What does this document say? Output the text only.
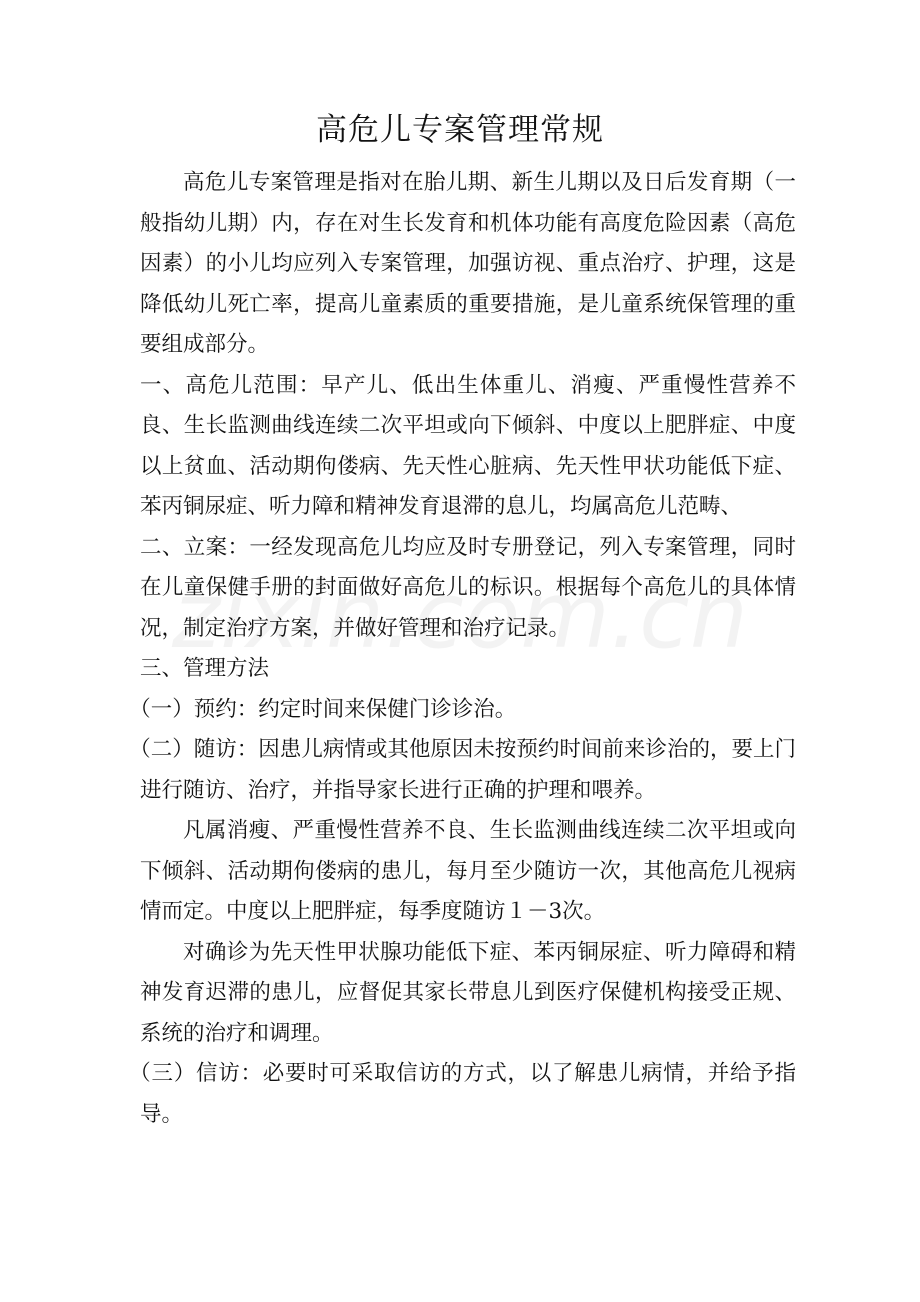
高危儿专案管理常规

高危儿专案管理是指对在胎儿期、新生儿期以及日后发育期（一般指幼儿期）内，存在对生长发育和机体功能有高度危险因素（高危因素）的小儿均应列入专案管理，加强访视、重点治疗、护理，这是降低幼儿死亡率，提高儿童素质的重要措施，是儿童系统保管理的重要组成部分。

一、高危儿范围：早产儿、低出生体重儿、消瘦、严重慢性营养不良、生长监测曲线连续二次平坦或向下倾斜、中度以上肥胖症、中度以上贫血、活动期佝偻病、先天性心脏病、先天性甲状功能低下症、苯丙铜尿症、听力障和精神发育退滞的息儿，均属高危儿范畴、

二、立案：一经发现高危儿均应及时专册登记，列入专案管理，同时在儿童保健手册的封面做好高危儿的标识。根据每个高危儿的具体情况，制定治疗方案，并做好管理和治疗记录。

三、管理方法

（一）预约：约定时间来保健门诊诊治。

（二）随访：因患儿病情或其他原因未按预约时间前来诊治的，要上门进行随访、治疗，并指导家长进行正确的护理和喂养。

凡属消瘦、严重慢性营养不良、生长监测曲线连续二次平坦或向下倾斜、活动期佝偻病的患儿，每月至少随访一次，其他高危儿视病情而定。中度以上肥胖症，每季度随访１－3次。

对确诊为先天性甲状腺功能低下症、苯丙铜尿症、听力障碍和精神发育迟滞的患儿，应督促其家长带息儿到医疗保健机构接受正规、系统的治疗和调理。

（三）信访：必要时可采取信访的方式，以了解患儿病情，并给予指导。
